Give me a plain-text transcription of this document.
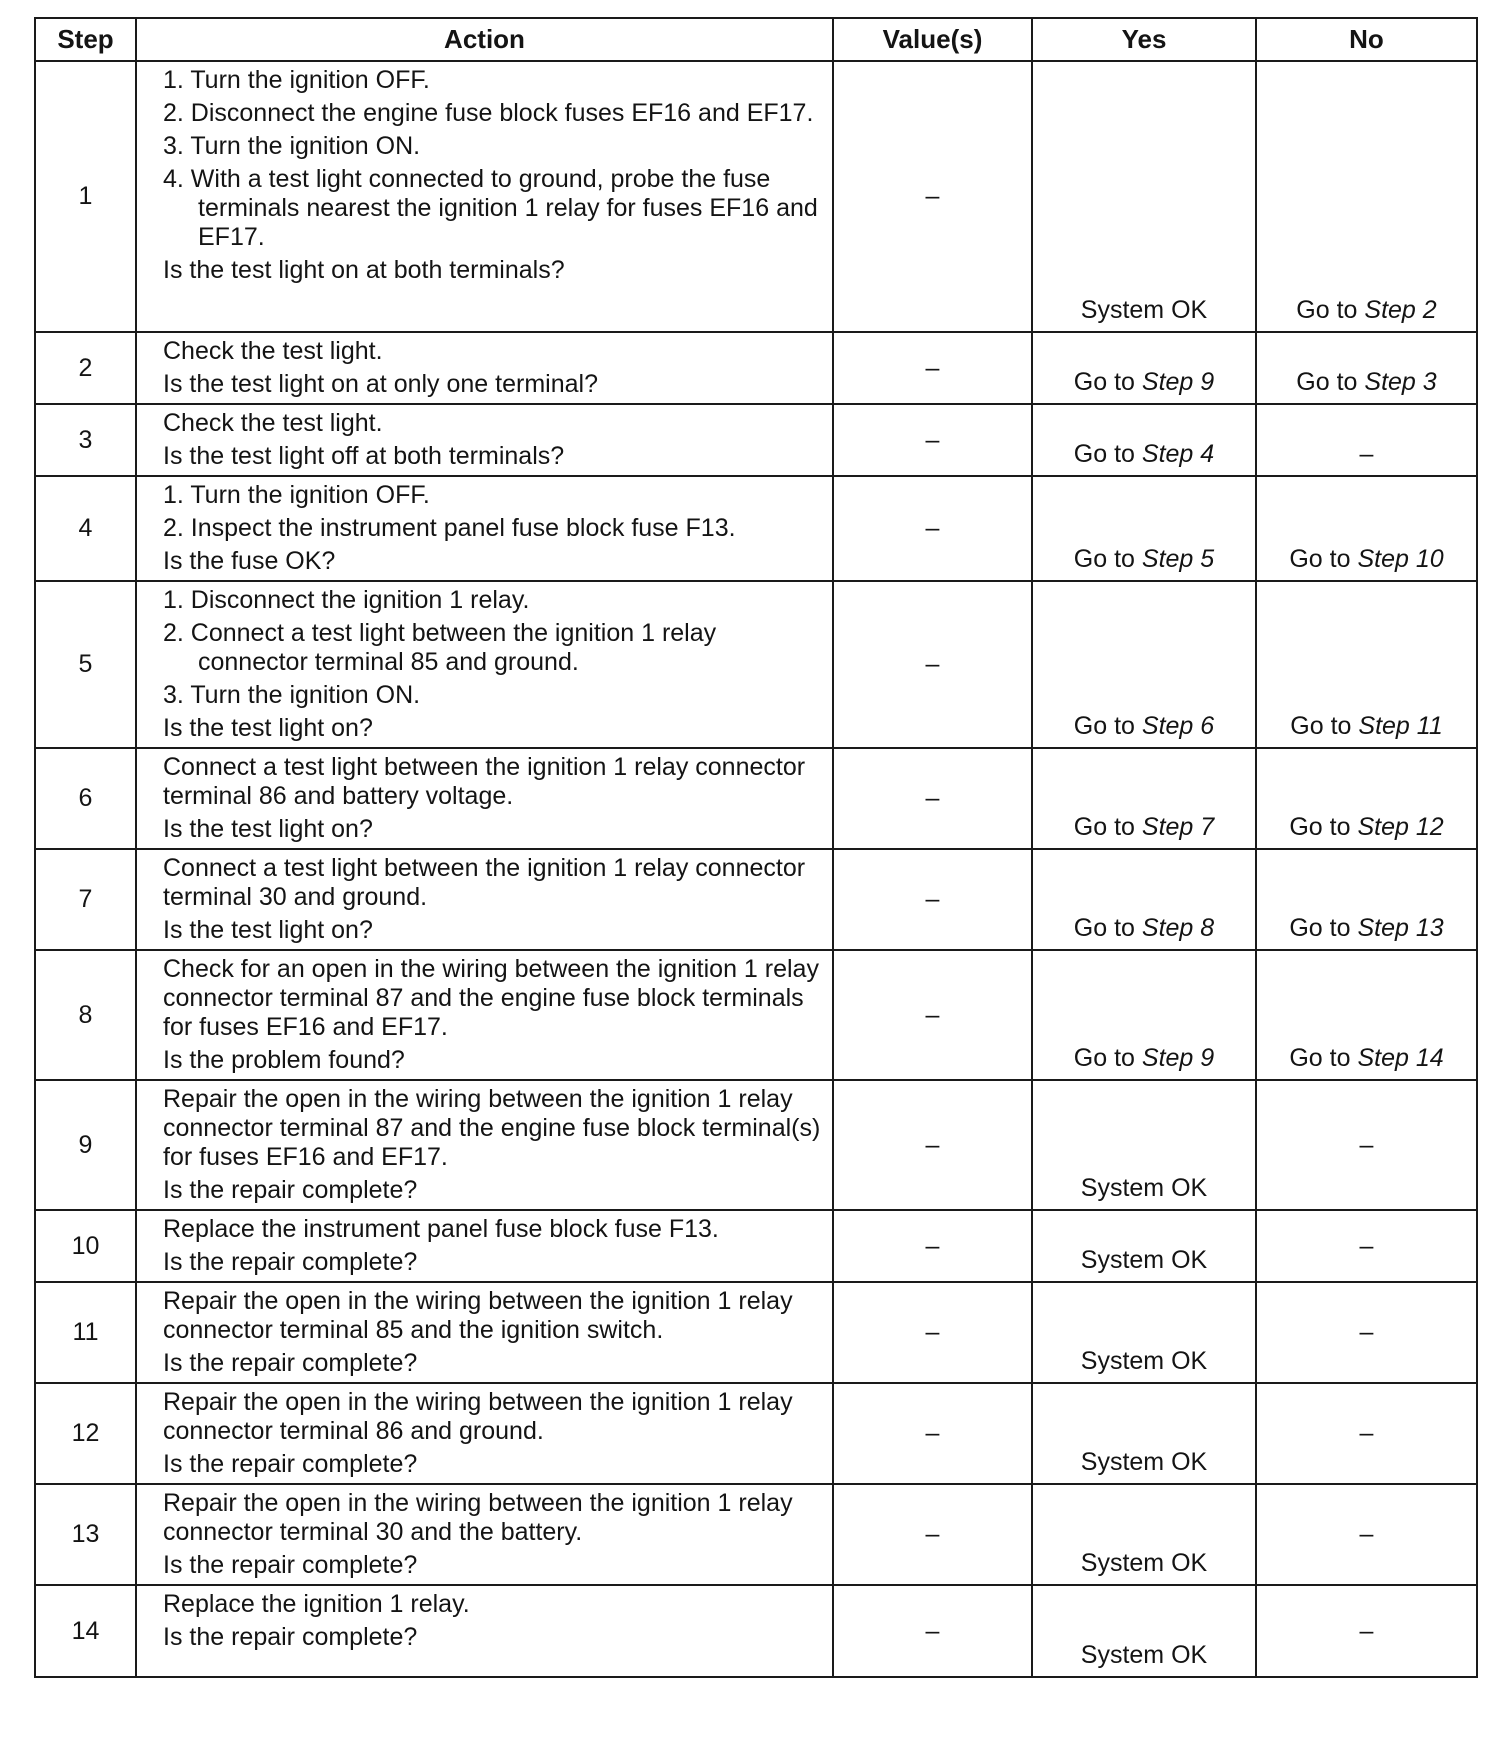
Step	Action	Value(s)	Yes	No
1	1. Turn the ignition OFF.
2. Disconnect the engine fuse block fuses EF16 and EF17.
3. Turn the ignition ON.
4. With a test light connected to ground, probe the fuse terminals nearest the ignition 1 relay for fuses EF16 and EF17.
Is the test light on at both terminals?	–	System OK	Go to Step 2
2	Check the test light.
Is the test light on at only one terminal?	–	Go to Step 9	Go to Step 3
3	Check the test light.
Is the test light off at both terminals?	–	Go to Step 4	–
4	1. Turn the ignition OFF.
2. Inspect the instrument panel fuse block fuse F13.
Is the fuse OK?	–	Go to Step 5	Go to Step 10
5	1. Disconnect the ignition 1 relay.
2. Connect a test light between the ignition 1 relay connector terminal 85 and ground.
3. Turn the ignition ON.
Is the test light on?	–	Go to Step 6	Go to Step 11
6	Connect a test light between the ignition 1 relay connector terminal 86 and battery voltage.
Is the test light on?	–	Go to Step 7	Go to Step 12
7	Connect a test light between the ignition 1 relay connector terminal 30 and ground.
Is the test light on?	–	Go to Step 8	Go to Step 13
8	Check for an open in the wiring between the ignition 1 relay connector terminal 87 and the engine fuse block terminals for fuses EF16 and EF17.
Is the problem found?	–	Go to Step 9	Go to Step 14
9	Repair the open in the wiring between the ignition 1 relay connector terminal 87 and the engine fuse block terminal(s) for fuses EF16 and EF17.
Is the repair complete?	–	System OK	–
10	Replace the instrument panel fuse block fuse F13.
Is the repair complete?	–	System OK	–
11	Repair the open in the wiring between the ignition 1 relay connector terminal 85 and the ignition switch.
Is the repair complete?	–	System OK	–
12	Repair the open in the wiring between the ignition 1 relay connector terminal 86 and ground.
Is the repair complete?	–	System OK	–
13	Repair the open in the wiring between the ignition 1 relay connector terminal 30 and the battery.
Is the repair complete?	–	System OK	–
14	Replace the ignition 1 relay.
Is the repair complete?	–	System OK	–
